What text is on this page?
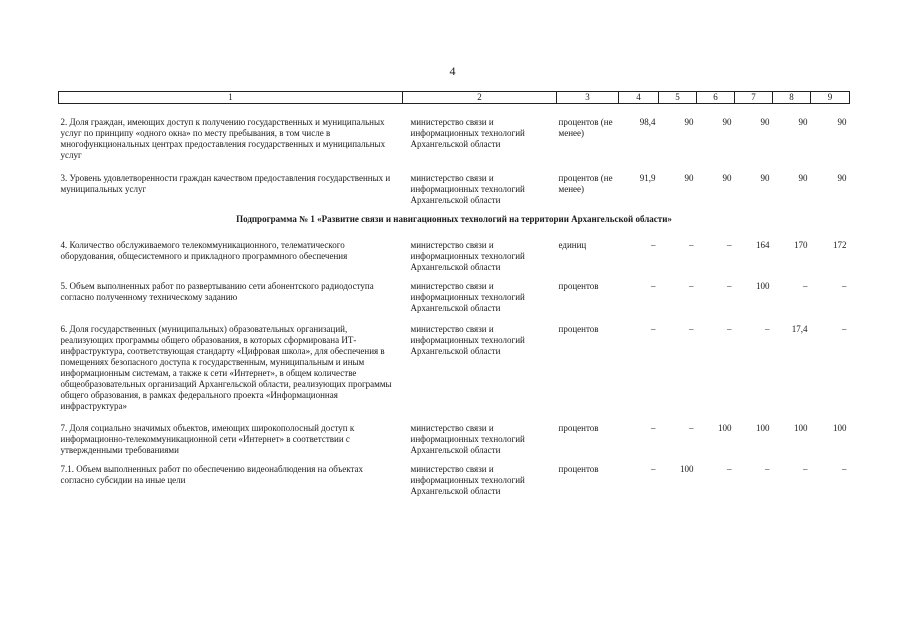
4
1	2	3	4	5	6	7	8	9

2. Доля граждан, имеющих доступ к получению государственных и муниципальных услуг по принципу «одного окна» по месту пребывания, в том числе в многофункциональных центрах предоставления государственных и муниципальных услуг	министерство связи и информационных технологий Архангельской области	процентов (не менее)	98,4	90	90	90	90	90

3. Уровень удовлетворенности граждан качеством предоставления государственных и муниципальных услуг	министерство связи и информационных технологий Архангельской области	процентов (не менее)	91,9	90	90	90	90	90
Подпрограмма № 1 «Развитие связи и навигационных технологий на территории Архангельской области»								
4. Количество обслуживаемого телекоммуникационного, телематического оборудования, общесистемного и прикладного программного обеспечения	министерство связи и информационных технологий Архангельской области	единиц	–	–	–	164	170	172

5. Объем выполненных работ по развертыванию сети абонентского радиодоступа согласно полученному техническому заданию	министерство связи и информационных технологий Архангельской области	процентов	–	–	–	100	–	–

6. Доля государственных (муниципальных) образовательных организаций, реализующих программы общего образования, в которых сформирована ИТ-инфраструктура, соответствующая стандарту «Цифровая школа», для обеспечения в помещениях безопасного доступа к государственным, муниципальным и иным информационным системам, а также к сети «Интернет», в общем количестве общеобразовательных организаций Архангельской области, реализующих программы общего образования, в рамках федерального проекта «Информационная инфраструктура»	министерство связи и информационных технологий Архангельской области	процентов	–	–	–	–	17,4	–

7. Доля социально значимых объектов, имеющих широкополосный доступ к информационно-телекоммуникационной сети «Интернет» в соответствии с утвержденными требованиями	министерство связи и информационных технологий Архангельской области	процентов	–	–	100	100	100	100

7.1. Объем выполненных работ по обеспечению видеонаблюдения на объектах согласно субсидии на иные цели	министерство связи и информационных технологий Архангельской области	процентов	–	100	–	–	–	–
